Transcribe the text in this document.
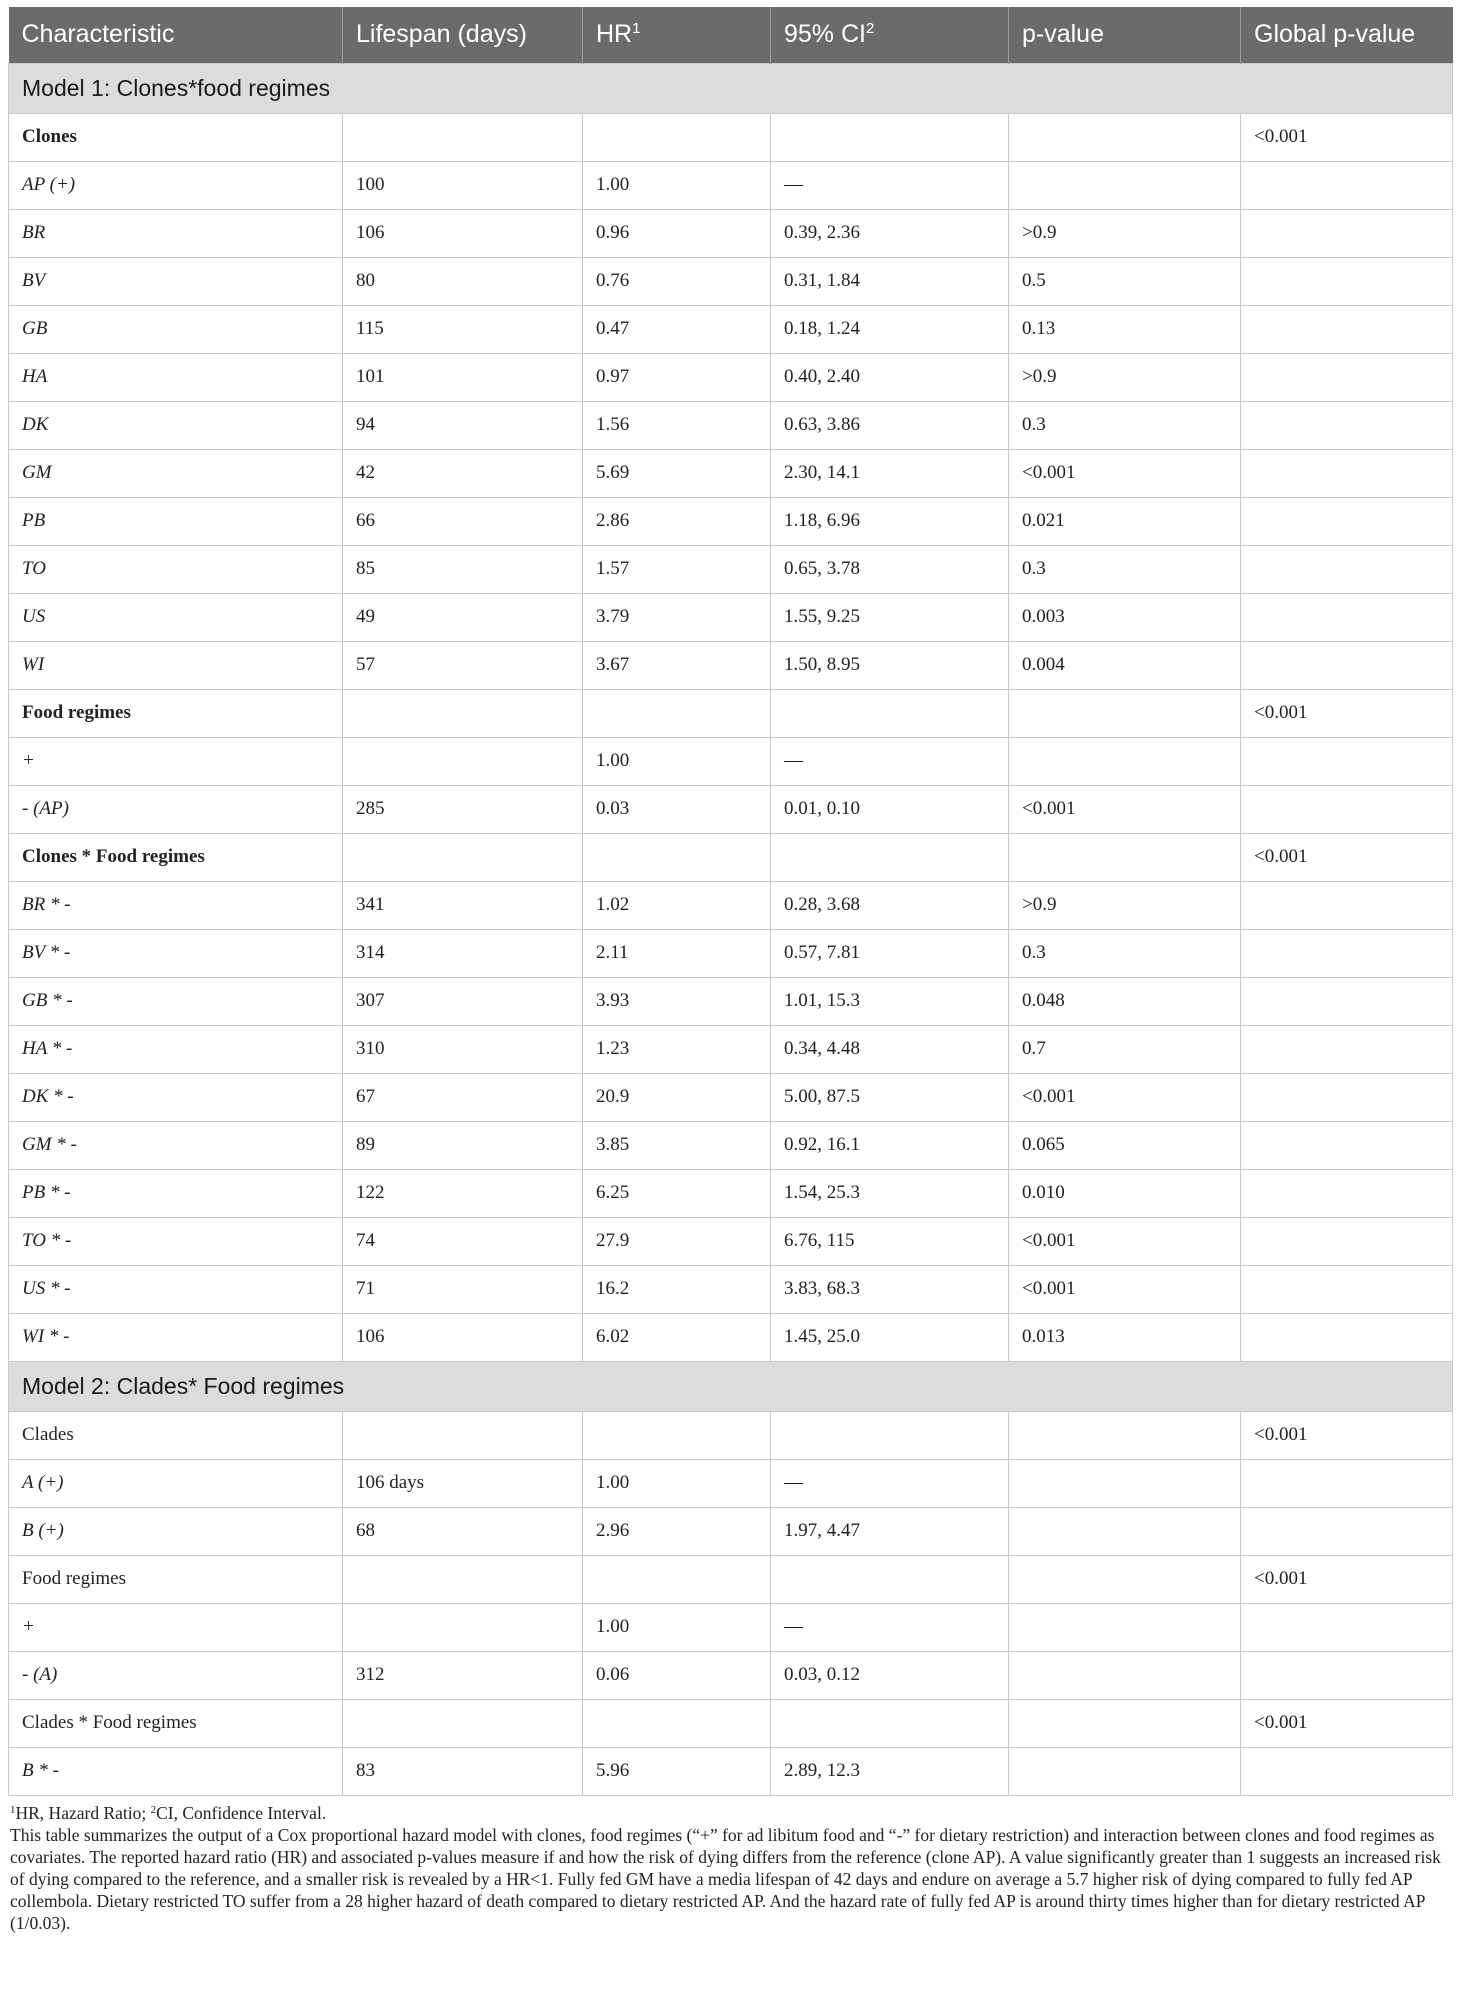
Characteristic	Lifespan (days)	$HR^1$	95% $CI^2$	p-value	Global p-value
Model 1: Clones*food regimes					
Clones					<0.001
AP (+)	100	1.00	—		
BR	106	0.96	0.39, 2.36	>0.9	
BV	80	0.76	0.31, 1.84	0.5	
GB	115	0.47	0.18, 1.24	0.13	
HA	101	0.97	0.40, 2.40	>0.9	
DK	94	1.56	0.63, 3.86	0.3	
GM	42	5.69	2.30, 14.1	<0.001	
PB	66	2.86	1.18, 6.96	0.021	
TO	85	1.57	0.65, 3.78	0.3	
US	49	3.79	1.55, 9.25	0.003	
WI	57	3.67	1.50, 8.95	0.004	
Food regimes					<0.001
+		1.00	—		
- (AP)	285	0.03	0.01, 0.10	<0.001	
Clones * Food regimes					<0.001
BR * -	341	1.02	0.28, 3.68	>0.9	
BV * -	314	2.11	0.57, 7.81	0.3	
GB * -	307	3.93	1.01, 15.3	0.048	
HA * -	310	1.23	0.34, 4.48	0.7	
DK * -	67	20.9	5.00, 87.5	<0.001	
GM * -	89	3.85	0.92, 16.1	0.065	
PB * -	122	6.25	1.54, 25.3	0.010	
TO * -	74	27.9	6.76, 115	<0.001	
US * -	71	16.2	3.83, 68.3	<0.001	
WI * -	106	6.02	1.45, 25.0	0.013	
Model 2: Clades* Food regimes					
Clades					<0.001
A (+)	106 days	1.00	—		
B (+)	68	2.96	1.97, 4.47		
Food regimes					<0.001
+		1.00	—		
- (A)	312	0.06	0.03, 0.12		
Clades * Food regimes					<0.001
B * -	83	5.96	2.89, 12.3		

$^1$HR, Hazard Ratio; $^2$CI, Confidence Interval.

This table summarizes the output of a Cox proportional hazard model with clones, food regimes (“+” for ad libitum food and “-” for dietary restriction) and interaction between clones and food regimes as covariates. The reported hazard ratio (HR) and associated p-values measure if and how the risk of dying differs from the reference (clone AP). A value significantly greater than 1 suggests an increased risk of dying compared to the reference, and a smaller risk is revealed by a HR<1. Fully fed GM have a media lifespan of 42 days and endure on average a 5.7 higher risk of dying compared to fully fed AP collembola. Dietary restricted TO suffer from a 28 higher hazard of death compared to dietary restricted AP. And the hazard rate of fully fed AP is around thirty times higher than for dietary restricted AP (1/0.03).
